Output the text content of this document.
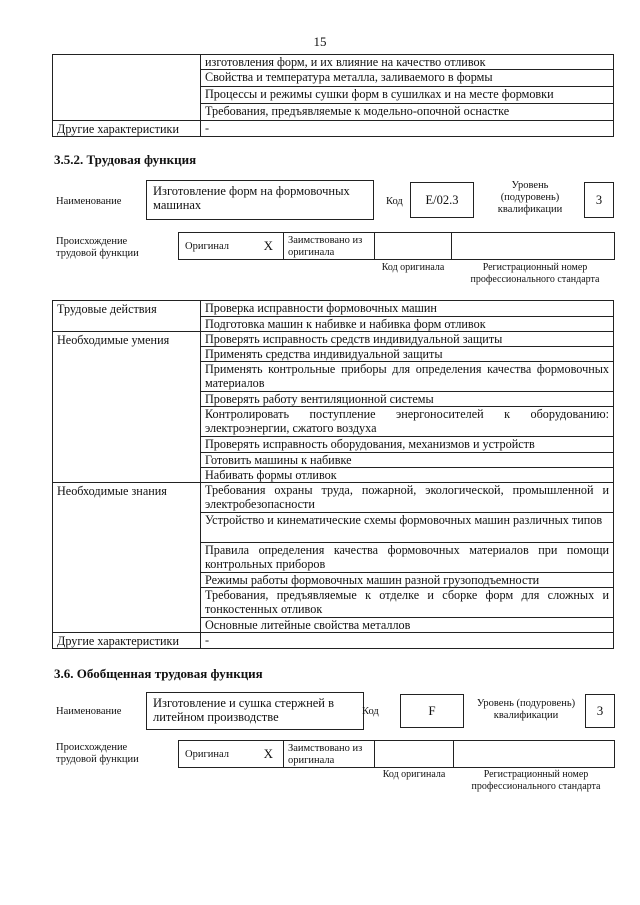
15
	изготовления форм, и их влияние на качество отливок
	Свойства и температура металла, заливаемого в формы
	Процессы и режимы сушки форм в сушилках и на месте формовки
	Требования, предъявляемые к модельно-опочной оснастке
Другие характеристики	-
3.5.2. Трудовая функция
Наименование
Изготовление форм на формовочных машинах	Код	E/02.3
Уровень (подуровень) квалификации
3
Происхождение трудовой функции
Оригинал	X	Заимствовано из оригинала
Код оригинала	Регистрационный номер профессионального стандарта
Трудовые действия	Проверка исправности формовочных машин
	Подготовка машин к набивке и набивка форм отливок
Необходимые умения	Проверять исправность средств индивидуальной защиты
	Применять средства индивидуальной защиты
	Применять контрольные приборы для определения качества формовочных материалов
	Проверять работу вентиляционной системы
	Контролировать поступление энергоносителей к оборудованию: электроэнергии, сжатого воздуха
	Проверять исправность оборудования, механизмов и устройств
	Готовить машины к набивке
	Набивать формы отливок
Необходимые знания	Требования охраны труда, пожарной, экологической, промышленной и электробезопасности
	Устройство и кинематические схемы формовочных машин различных типов
	Правила определения качества формовочных материалов при помощи контрольных приборов
	Режимы работы формовочных машин разной грузоподъемности
	Требования, предъявляемые к отделке и сборке форм для сложных и тонкостенных отливок
	Основные литейные свойства металлов
Другие характеристики	-
3.6. Обобщенная трудовая функция
Наименование
Изготовление и сушка стержней в литейном производстве	Код	F	Уровень (подуровень) квалификации	3
Происхождение трудовой функции	Оригинал	X	Заимствовано из оригинала
Код оригинала	Регистрационный номер профессионального стандарта
